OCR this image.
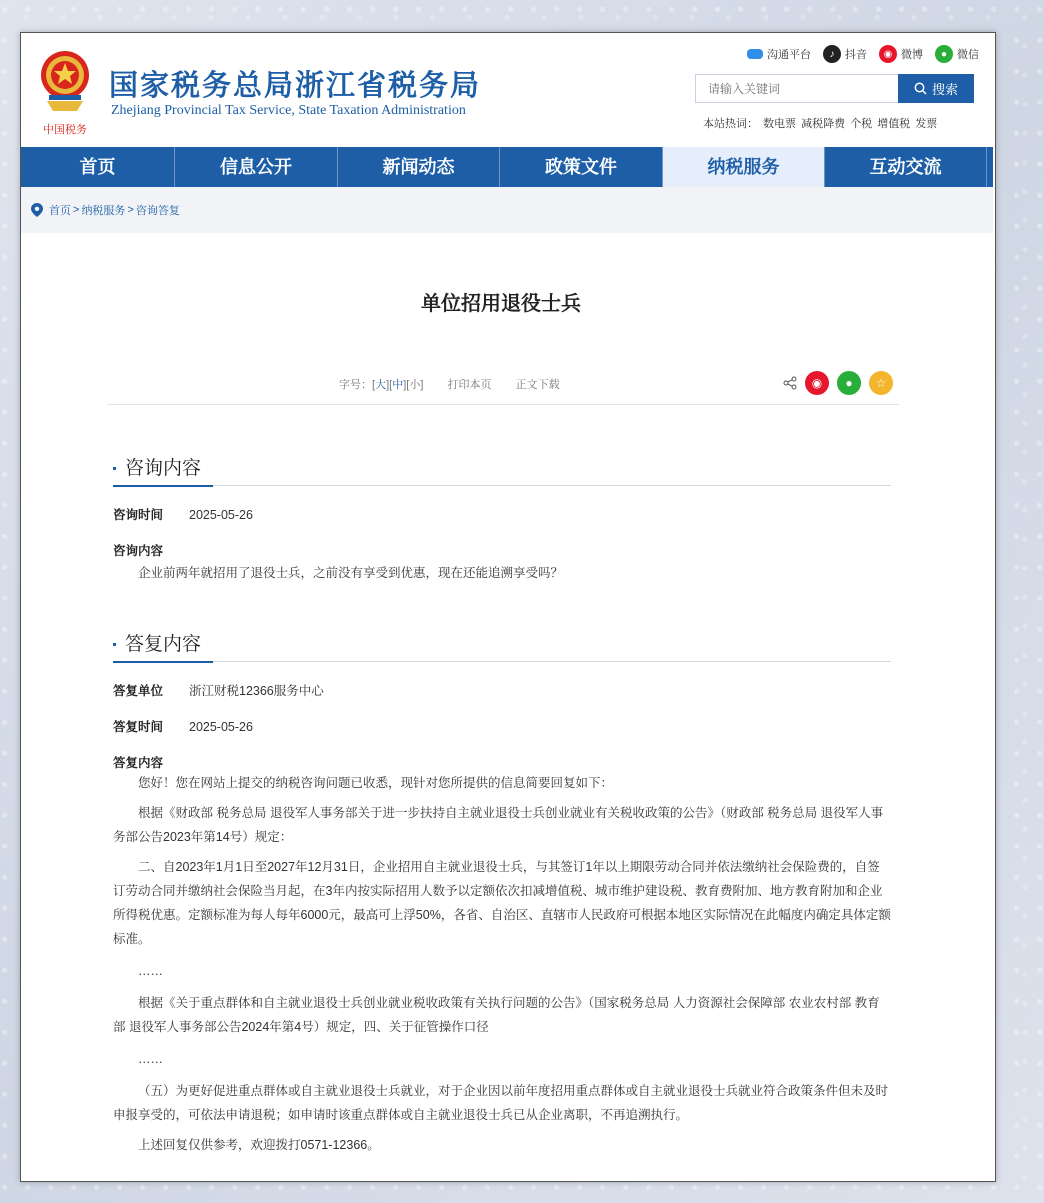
中国税务
国家税务总局浙江省税务局
Zhejiang Provincial Tax Service, State Taxation Administration
沟通平台	♪ 抖音	◉ 微博	● 微信
请输入关键词
搜索
本站热词： 数电票 减税降费 个税 增值税 发票
首页	信息公开	新闻动态	政策文件	纳税服务	互动交流
首页 > 纳税服务 > 咨询答复
单位招用退役士兵
字号：[大][中][小] 打印本页 正文下载	◉ ● ☆
咨询内容
咨询时间 2025-05-26
咨询内容

企业前两年就招用了退役士兵，之前没有享受到优惠，现在还能追溯享受吗？

答复内容
答复单位 浙江财税12366服务中心
答复时间 2025-05-26
答复内容

您好！您在网站上提交的纳税咨询问题已收悉，现针对您所提供的信息简要回复如下：

根据《财政部 税务总局 退役军人事务部关于进一步扶持自主就业退役士兵创业就业有关税收政策的公告》（财政部 税务总局 退役军人事务部公告2023年第14号）规定：

二、自2023年1月1日至2027年12月31日，企业招用自主就业退役士兵，与其签订1年以上期限劳动合同并依法缴纳社会保险费的，自签订劳动合同并缴纳社会保险当月起，在3年内按实际招用人数予以定额依次扣减增值税、城市维护建设税、教育费附加、地方教育附加和企业所得税优惠。定额标准为每人每年6000元，最高可上浮50%，各省、自治区、直辖市人民政府可根据本地区实际情况在此幅度内确定具体定额标准。

……

根据《关于重点群体和自主就业退役士兵创业就业税收政策有关执行问题的公告》（国家税务总局 人力资源社会保障部 农业农村部 教育部 退役军人事务部公告2024年第4号）规定，四、关于征管操作口径

……

（五）为更好促进重点群体或自主就业退役士兵就业，对于企业因以前年度招用重点群体或自主就业退役士兵就业符合政策条件但未及时申报享受的，可依法申请退税；如申请时该重点群体或自主就业退役士兵已从企业离职，不再追溯执行。

上述回复仅供参考，欢迎拨打0571-12366。
